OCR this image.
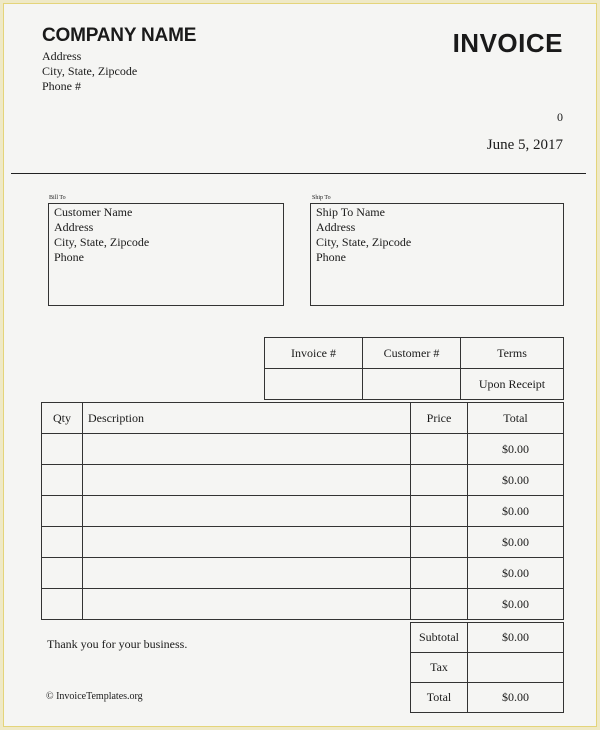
COMPANY NAME
Address
City, State, Zipcode
Phone #
INVOICE
0
June 5, 2017
Bill To
Customer Name
Address
City, State, Zipcode
Phone
Ship To
Ship To Name
Address
City, State, Zipcode
Phone
Invoice #	Customer #	Terms
		Upon Receipt
Qty	Description	Price	Total
			$0.00
			$0.00
			$0.00
			$0.00
			$0.00
			$0.00
Subtotal	$0.00
Tax	
Total	$0.00
Thank you for your business.
© InvoiceTemplates.org
